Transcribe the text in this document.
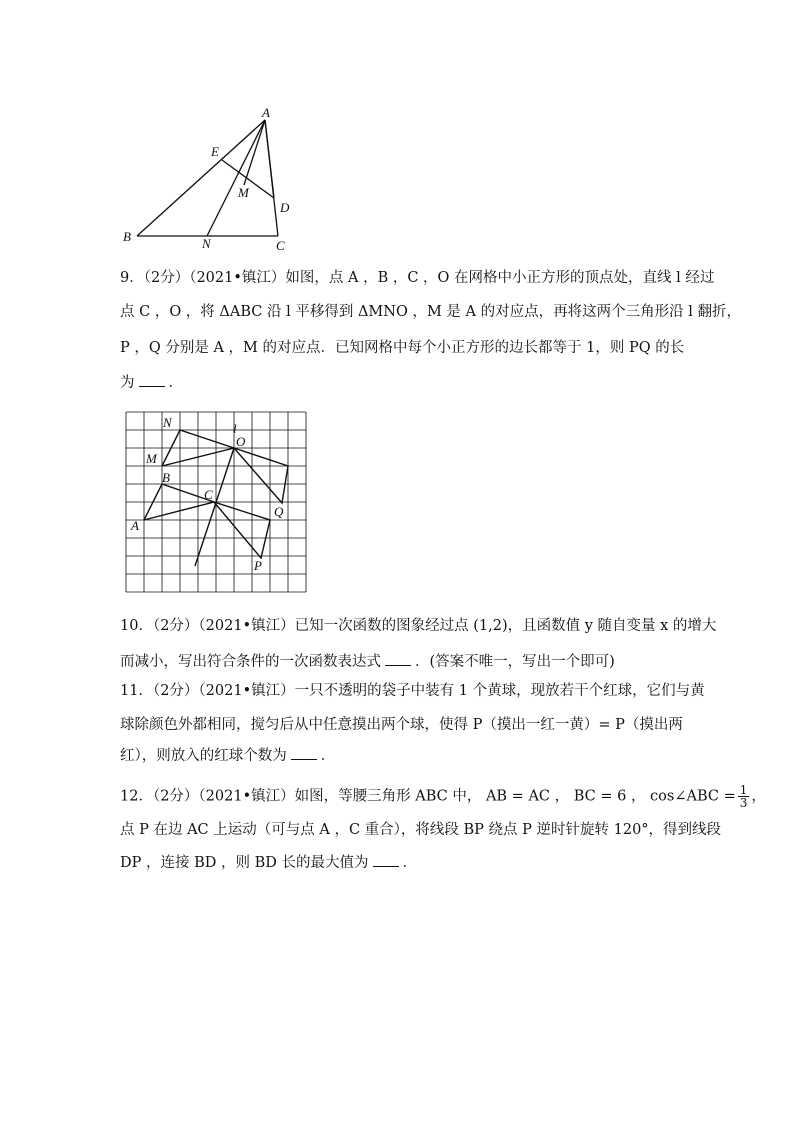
A
E
M
D
B	N	C
9．（2分）（2021•镇江）如图，点 A ，B ，C ，O 在网格中小正方形的顶点处，直线 l 经过
点 C ，O ，将 ΔABC 沿 l 平移得到 ΔMNO ，M 是 A 的对应点，再将这两个三角形沿 l 翻折，
P ，Q 分别是 A ，M 的对应点．已知网格中每个小正方形的边长都等于 1，则 PQ 的长
为 ．
N	l
O
M
B
C
A
Q
P
10．（2分）（2021•镇江）已知一次函数的图象经过点 (1,2)，且函数值 y 随自变量 x 的增大
而减小，写出符合条件的一次函数表达式 ．(答案不唯一，写出一个即可)
11．（2分）（2021•镇江）一只不透明的袋子中装有 1 个黄球，现放若干个红球，它们与黄
球除颜色外都相同，搅匀后从中任意摸出两个球，使得 P（摸出一红一黄）= P（摸出两
红），则放入的红球个数为 ．
12．（2分）（2021•镇江）如图，等腰三角形 ABC 中， AB = AC ， BC = 6 ， cos∠ABC = $\frac{1}{3}$ ，
点 P 在边 AC 上运动（可与点 A ，C 重合），将线段 BP 绕点 P 逆时针旋转 120°，得到线段
DP ，连接 BD ，则 BD 长的最大值为 ．
